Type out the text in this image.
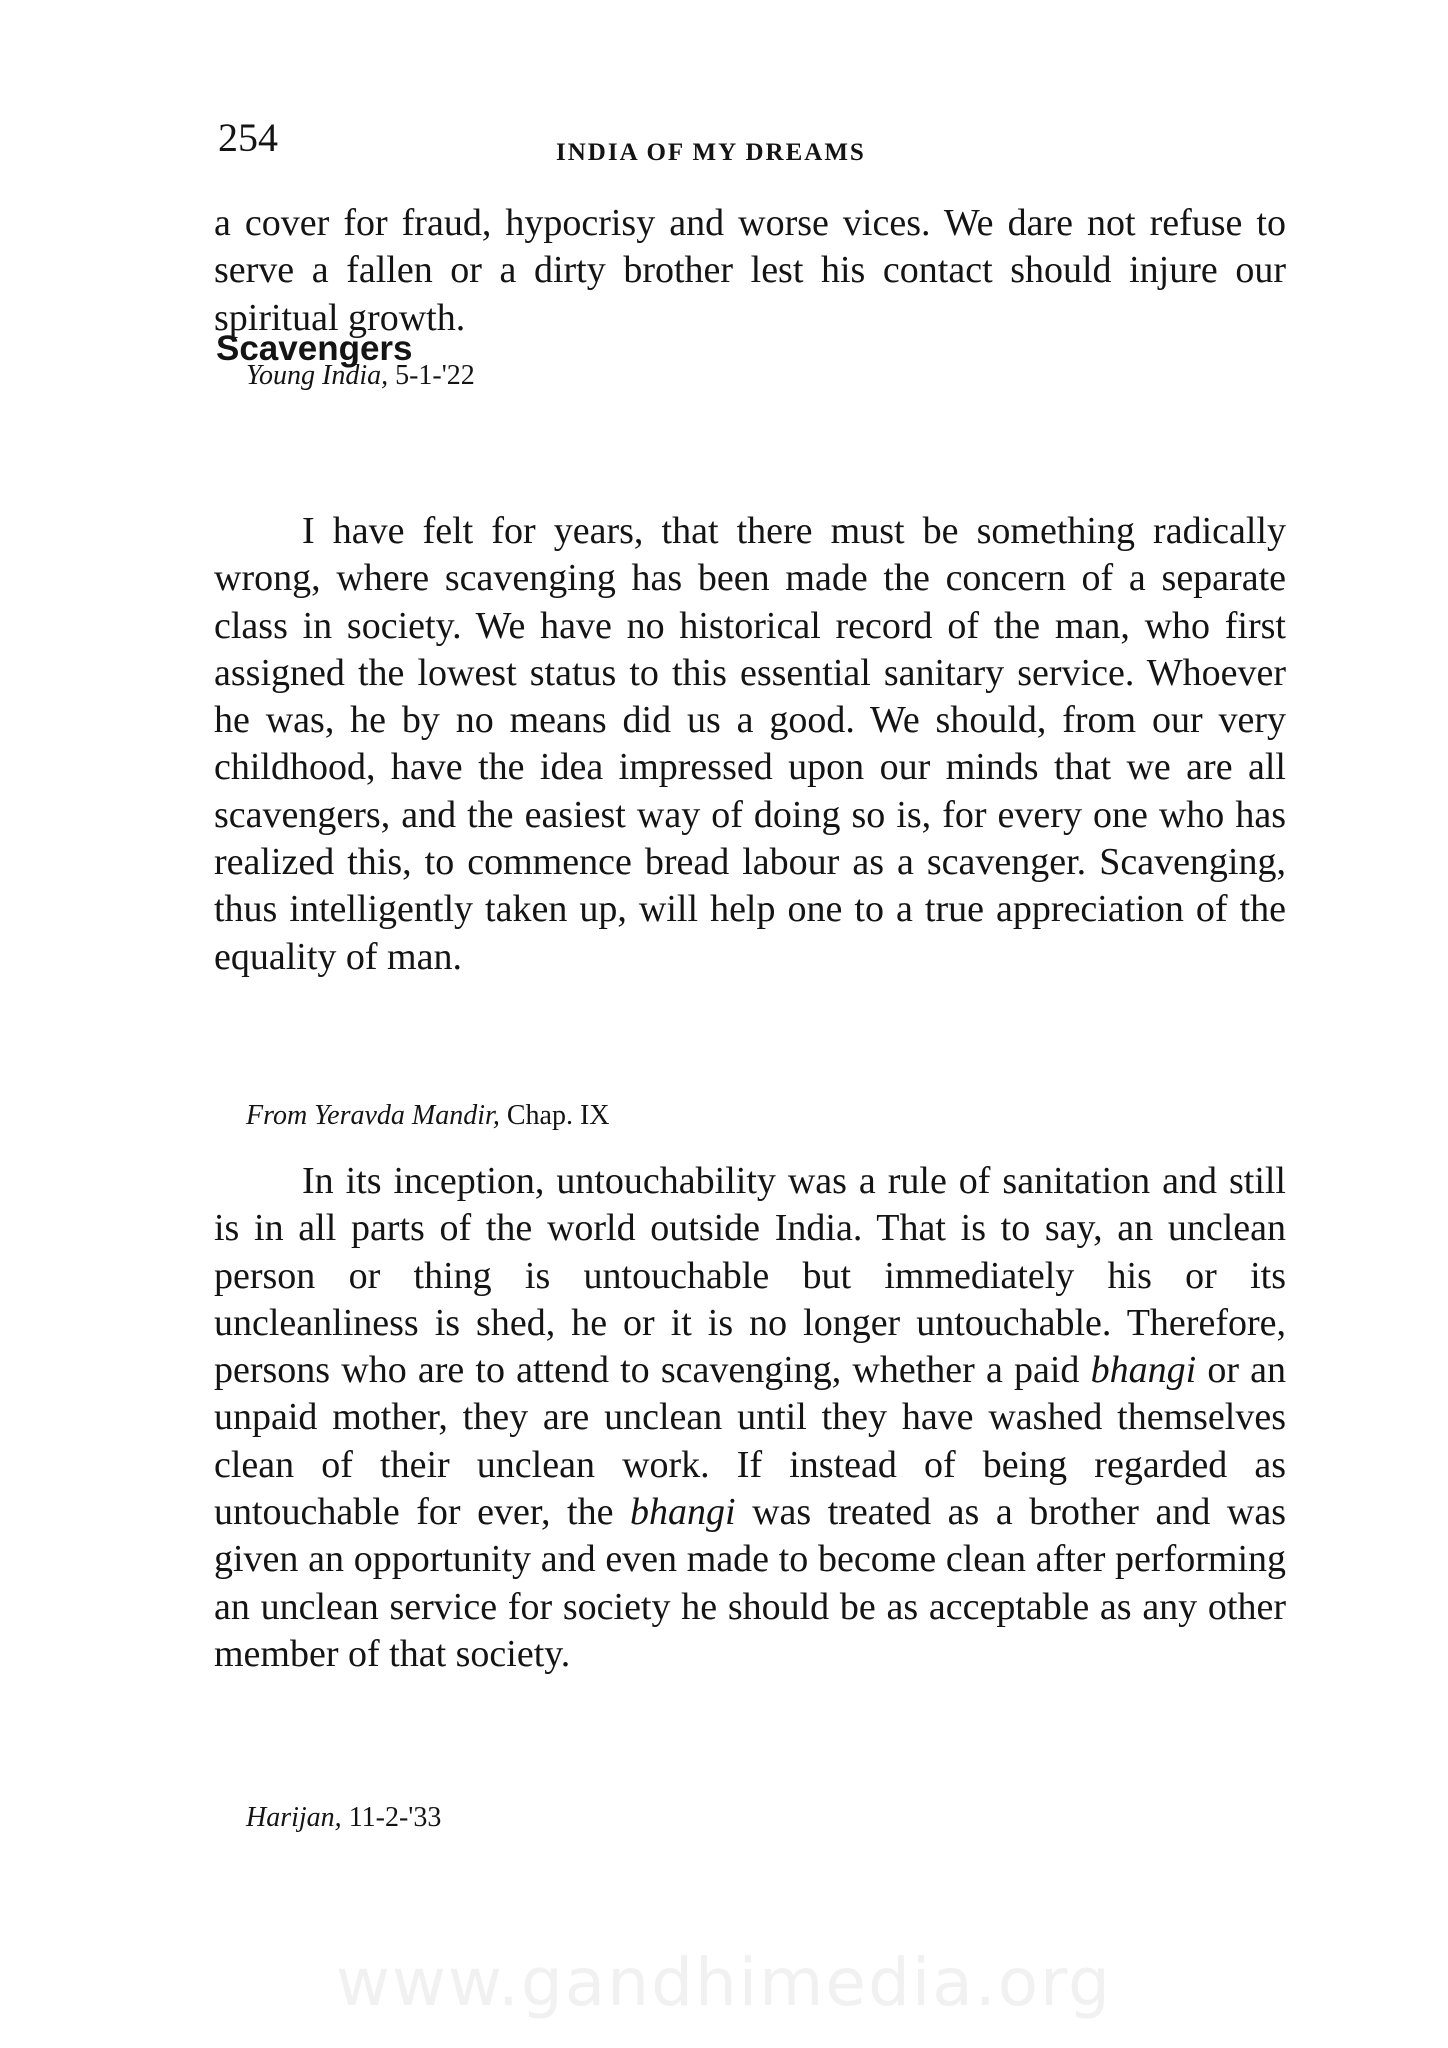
254	INDIA OF MY DREAMS

a cover for fraud, hypocrisy and worse vices. We dare not refuse to serve a fallen or a dirty brother lest his contact should injure our spiritual growth.

Young India, 5-1-'22

Scavengers

I have felt for years, that there must be something radically wrong, where scavenging has been made the concern of a separate class in society. We have no historical record of the man, who first assigned the lowest status to this essential sanitary service. Whoever he was, he by no means did us a good. We should, from our very childhood, have the idea impressed upon our minds that we are all scavengers, and the easiest way of doing so is, for every one who has realized this, to commence bread labour as a scavenger. Scavenging, thus intelligently taken up, will help one to a true appreciation of the equality of man.

From Yeravda Mandir, Chap. IX

In its inception, untouchability was a rule of sanitation and still is in all parts of the world outside India. That is to say, an unclean person or thing is untouchable but immediately his or its uncleanliness is shed, he or it is no longer untouchable. Therefore, persons who are to attend to scavenging, whether a paid bhangi or an unpaid mother, they are unclean until they have washed themselves clean of their unclean work. If instead of being regarded as untouchable for ever, the bhangi was treated as a brother and was given an opportunity and even made to become clean after performing an unclean service for society he should be as acceptable as any other member of that society.

Harijan, 11-2-'33

www.gandhimedia.org
